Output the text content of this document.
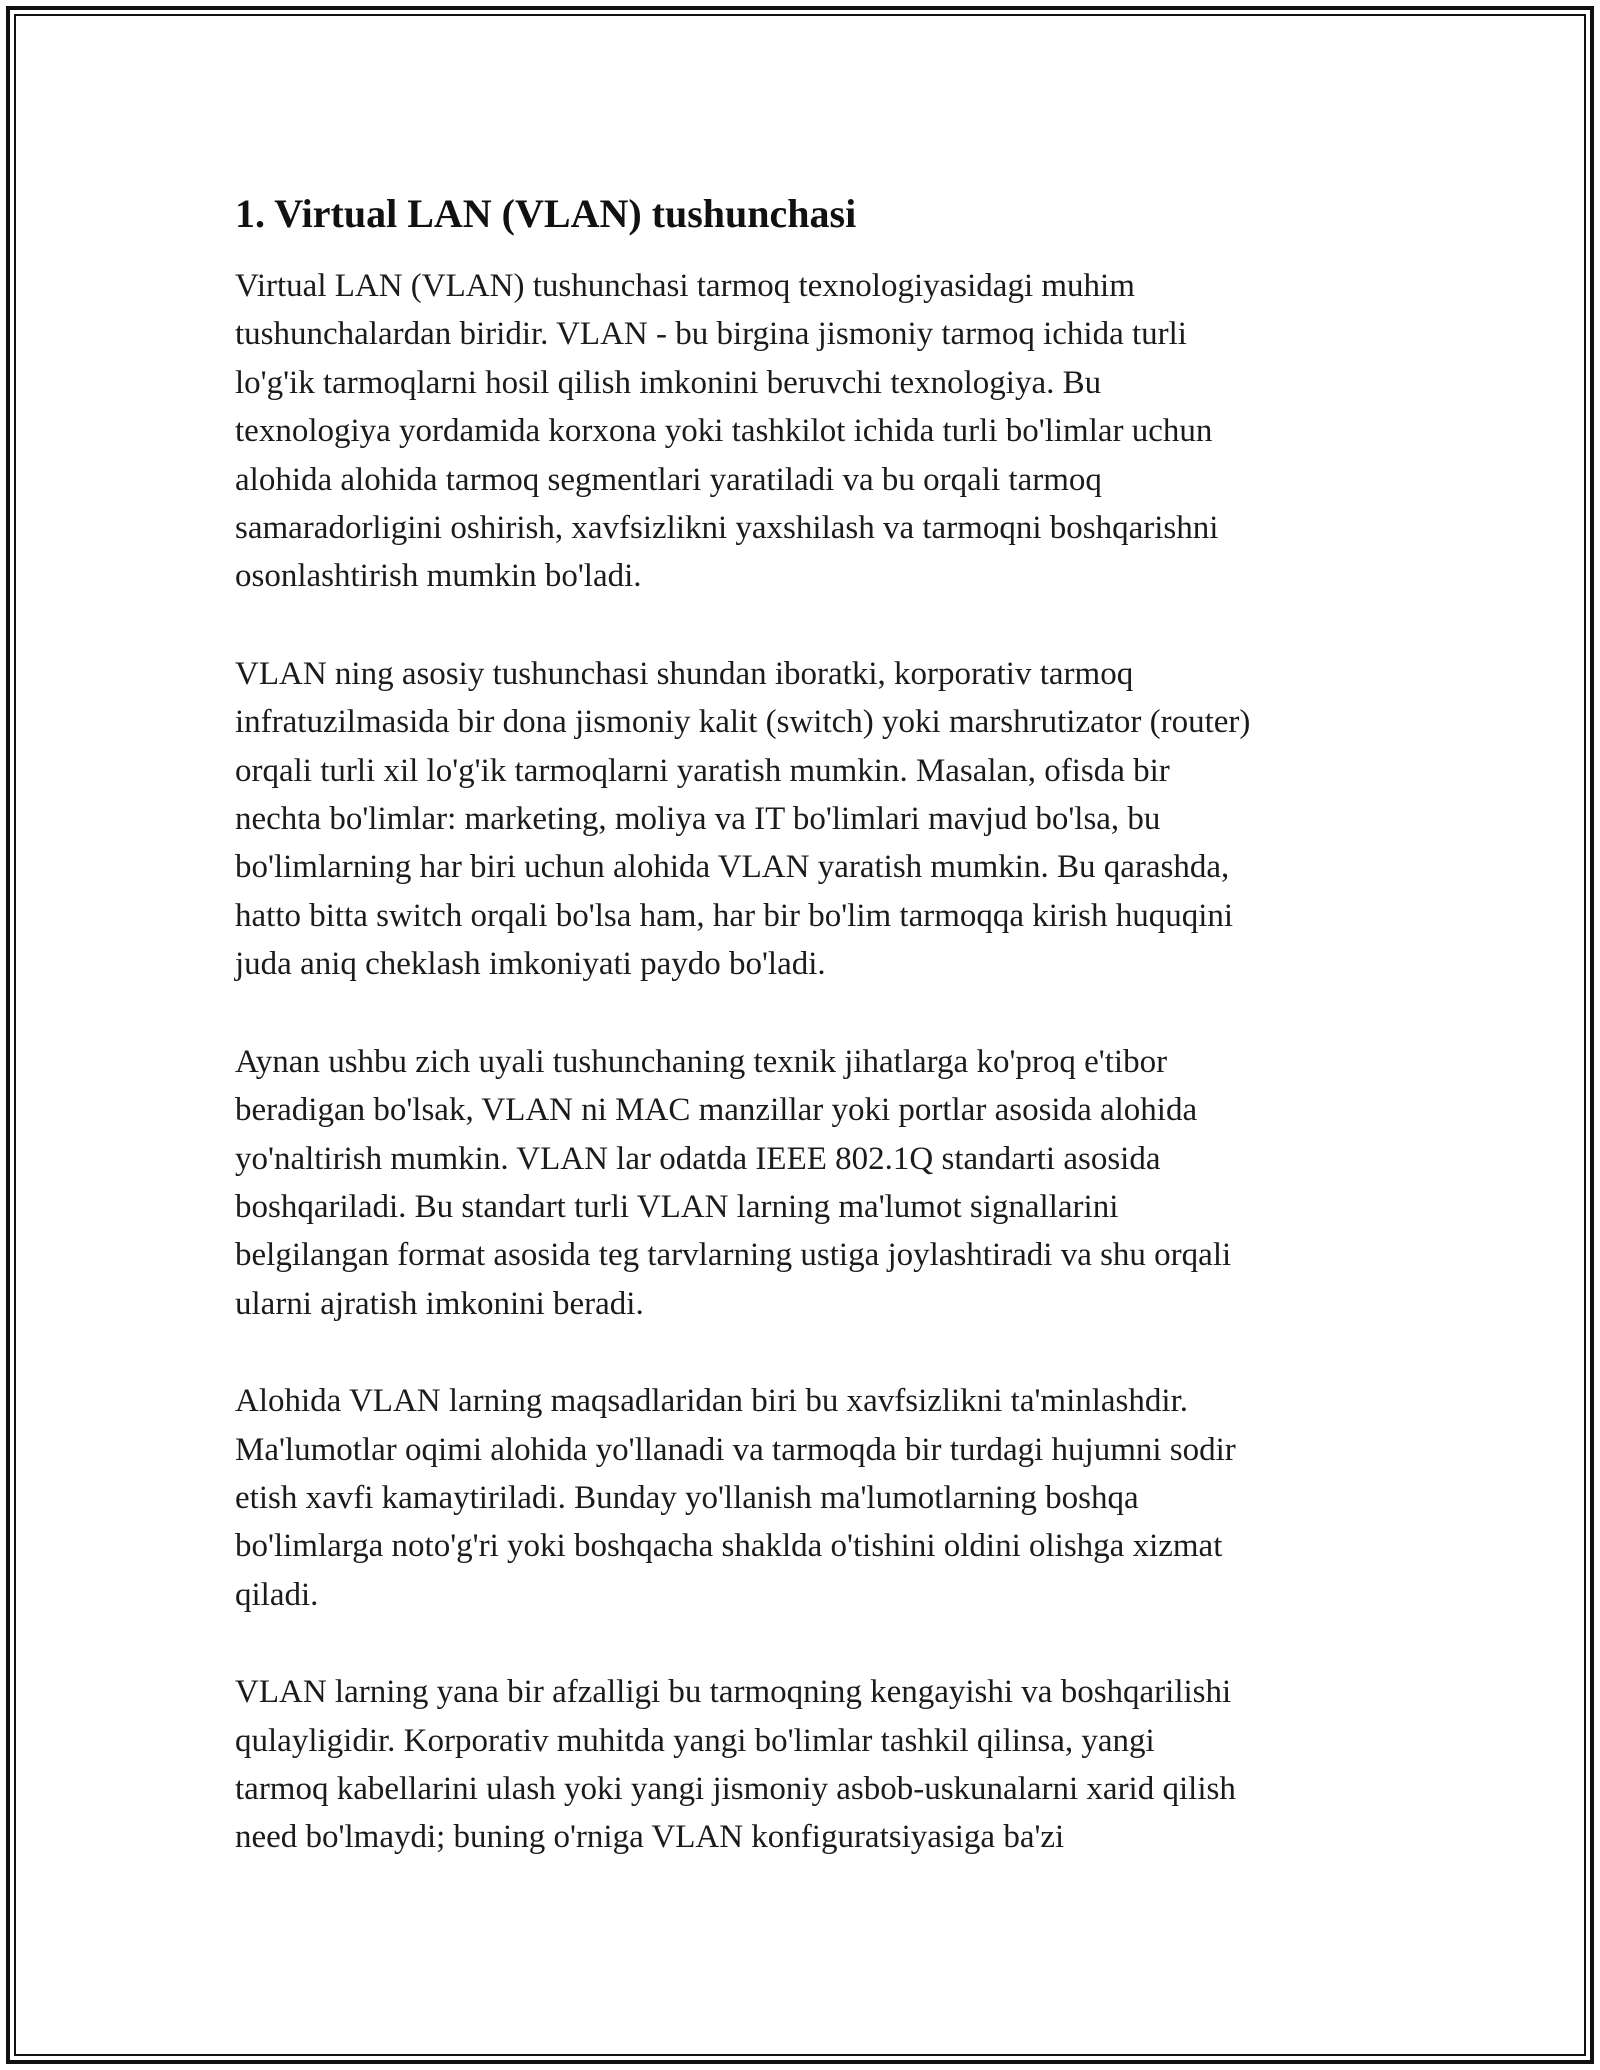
1. Virtual LAN (VLAN) tushunchasi

Virtual LAN (VLAN) tushunchasi tarmoq texnologiyasidagi muhim
tushunchalardan biridir. VLAN - bu birgina jismoniy tarmoq ichida turli
lo'g'ik tarmoqlarni hosil qilish imkonini beruvchi texnologiya. Bu
texnologiya yordamida korxona yoki tashkilot ichida turli bo'limlar uchun
alohida alohida tarmoq segmentlari yaratiladi va bu orqali tarmoq
samaradorligini oshirish, xavfsizlikni yaxshilash va tarmoqni boshqarishni
osonlashtirish mumkin bo'ladi.

VLAN ning asosiy tushunchasi shundan iboratki, korporativ tarmoq
infratuzilmasida bir dona jismoniy kalit (switch) yoki marshrutizator (router)
orqali turli xil lo'g'ik tarmoqlarni yaratish mumkin. Masalan, ofisda bir
nechta bo'limlar: marketing, moliya va IT bo'limlari mavjud bo'lsa, bu
bo'limlarning har biri uchun alohida VLAN yaratish mumkin. Bu qarashda,
hatto bitta switch orqali bo'lsa ham, har bir bo'lim tarmoqqa kirish huquqini
juda aniq cheklash imkoniyati paydo bo'ladi.

Aynan ushbu zich uyali tushunchaning texnik jihatlarga ko'proq e'tibor
beradigan bo'lsak, VLAN ni MAC manzillar yoki portlar asosida alohida
yo'naltirish mumkin. VLAN lar odatda IEEE 802.1Q standarti asosida
boshqariladi. Bu standart turli VLAN larning ma'lumot signallarini
belgilangan format asosida teg tarvlarning ustiga joylashtiradi va shu orqali
ularni ajratish imkonini beradi.

Alohida VLAN larning maqsadlaridan biri bu xavfsizlikni ta'minlashdir.
Ma'lumotlar oqimi alohida yo'llanadi va tarmoqda bir turdagi hujumni sodir
etish xavfi kamaytiriladi. Bunday yo'llanish ma'lumotlarning boshqa
bo'limlarga noto'g'ri yoki boshqacha shaklda o'tishini oldini olishga xizmat
qiladi.

VLAN larning yana bir afzalligi bu tarmoqning kengayishi va boshqarilishi
qulayligidir. Korporativ muhitda yangi bo'limlar tashkil qilinsa, yangi
tarmoq kabellarini ulash yoki yangi jismoniy asbob-uskunalarni xarid qilish
need bo'lmaydi; buning o'rniga VLAN konfiguratsiyasiga ba'zi
